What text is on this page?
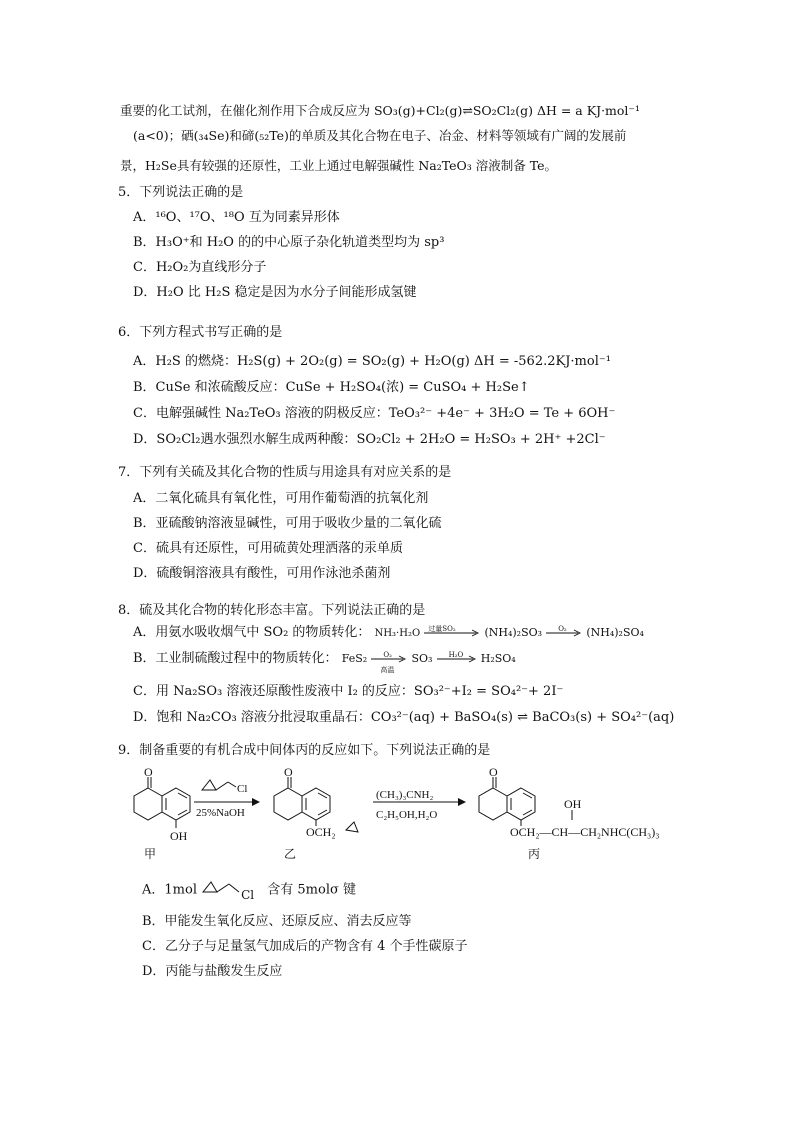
重要的化工试剂，在催化剂作用下合成反应为 SO₃(g)+Cl₂(g)⇌SO₂Cl₂(g) ΔH = a KJ·mol⁻¹
(a<0)；硒(₃₄Se)和碲(₅₂Te)的单质及其化合物在电子、冶金、材料等领域有广阔的发展前
景，H₂Se具有较强的还原性，工业上通过电解强碱性 Na₂TeO₃ 溶液制备 Te。
5．下列说法正确的是
A．¹⁶O、¹⁷O、¹⁸O 互为同素异形体
B．H₃O⁺和 H₂O 的的中心原子杂化轨道类型均为 sp³
C．H₂O₂为直线形分子
D．H₂O 比 H₂S 稳定是因为水分子间能形成氢键
6．下列方程式书写正确的是
A．H₂S 的燃烧：H₂S(g) + 2O₂(g) = SO₂(g) + H₂O(g) ΔH = -562.2KJ·mol⁻¹
B．CuSe 和浓硫酸反应：CuSe + H₂SO₄(浓) = CuSO₄ + H₂Se↑
C．电解强碱性 Na₂TeO₃ 溶液的阴极反应：TeO₃²⁻ +4e⁻ + 3H₂O = Te + 6OH⁻
D．SO₂Cl₂遇水强烈水解生成两种酸：SO₂Cl₂ + 2H₂O = H₂SO₃ + 2H⁺ +2Cl⁻
7．下列有关硫及其化合物的性质与用途具有对应关系的是
A．二氧化硫具有氧化性，可用作葡萄酒的抗氧化剂
B．亚硫酸钠溶液显碱性，可用于吸收少量的二氧化硫
C．硫具有还原性，可用硫黄处理洒落的汞单质
D．硫酸铜溶液具有酸性，可用作泳池杀菌剂
8．硫及其化合物的转化形态丰富。下列说法正确的是
A．用氨水吸收烟气中 SO₂ 的物质转化： NH₃·H₂O 过量SO₂	(NH₄)₂SO₃ O₂ (NH₄)₂SO₄
B．工业制硫酸过程中的物质转化： FeS₂ O₂
高温
SO₃ H₂O H₂SO₄
C．用 Na₂SO₃ 溶液还原酸性废液中 I₂ 的反应：SO₃²⁻+I₂ = SO₄²⁻+ 2I⁻
D．饱和 Na₂CO₃ 溶液分批浸取重晶石：CO₃²⁻(aq) + BaSO₄(s) ⇌ BaCO₃(s) + SO₄²⁻(aq)
9．制备重要的有机合成中间体丙的反应如下。下列说法正确的是
O
OH
甲
Cl
25%NaOH
O
OCH₂
乙
(CH₃)₃CNH₂
C₂H₅OH,H₂O
O
OH
OCH₂—CH—CH₂NHC(CH₃)₃
丙
A．1mol	Cl 含有 5molσ 键
B．甲能发生氧化反应、还原反应、消去反应等
C．乙分子与足量氢气加成后的产物含有 4 个手性碳原子
D．丙能与盐酸发生反应
